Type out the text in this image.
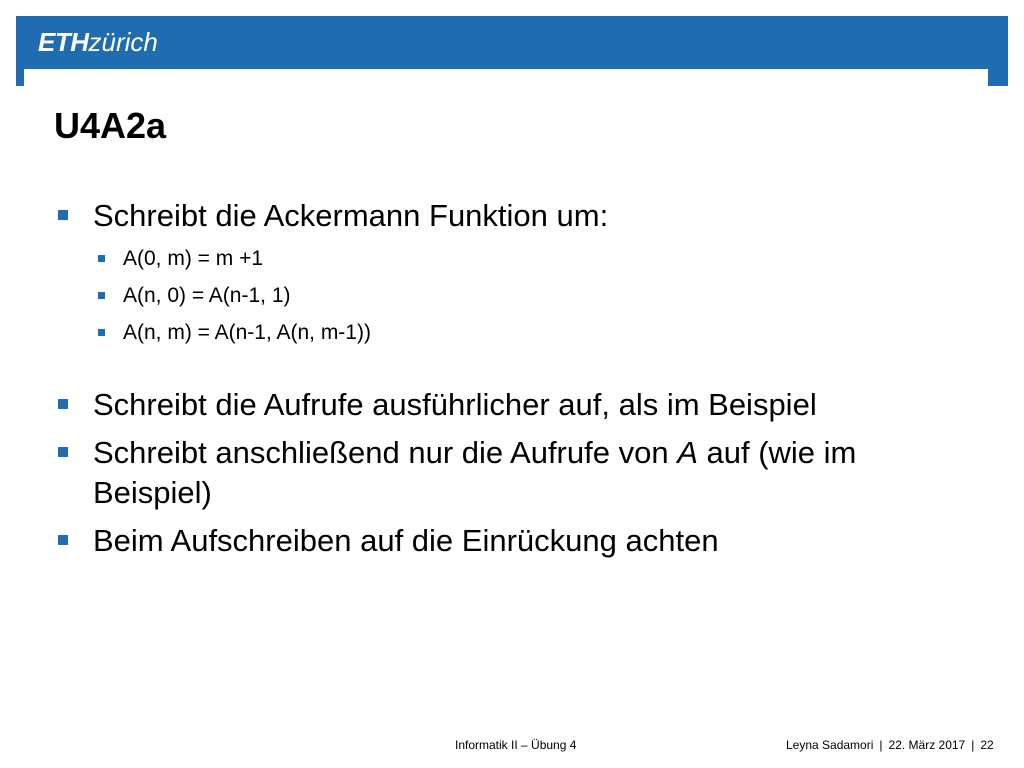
ETHzürich
U4A2a
Schreibt die Ackermann Funktion um:
A(0, m) = m +1
A(n, 0) = A(n-1, 1)
A(n, m) = A(n-1, A(n, m-1))
Schreibt die Aufrufe ausführlicher auf, als im Beispiel
Schreibt anschließend nur die Aufrufe von A auf (wie im Beispiel)
Beim Aufschreiben auf die Einrückung achten
Informatik II – Übung 4	Leyna Sadamori | 22. März 2017 | 22
